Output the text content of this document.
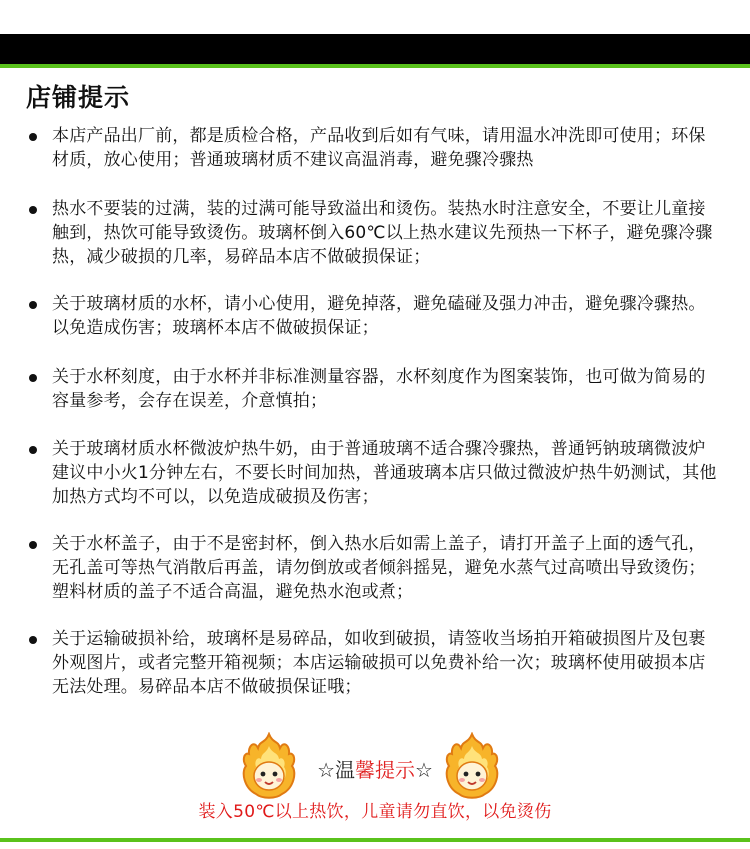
店铺提示
本店产品出厂前，都是质检合格，产品收到后如有气味，请用温水冲洗即可使用；环保材质，放心使用；普通玻璃材质不建议高温消毒，避免骤冷骤热
热水不要装的过满，装的过满可能导致溢出和烫伤。装热水时注意安全，不要让儿童接触到，热饮可能导致烫伤。玻璃杯倒入60℃以上热水建议先预热一下杯子，避免骤冷骤热，减少破损的几率，易碎品本店不做破损保证；
关于玻璃材质的水杯，请小心使用，避免掉落，避免磕碰及强力冲击，避免骤冷骤热。以免造成伤害；玻璃杯本店不做破损保证；
关于水杯刻度，由于水杯并非标准测量容器，水杯刻度作为图案装饰，也可做为简易的容量参考，会存在误差，介意慎拍；
关于玻璃材质水杯微波炉热牛奶，由于普通玻璃不适合骤冷骤热，普通钙钠玻璃微波炉建议中小火1分钟左右，不要长时间加热，普通玻璃本店只做过微波炉热牛奶测试，其他加热方式均不可以，以免造成破损及伤害；
关于水杯盖子，由于不是密封杯，倒入热水后如需上盖子，请打开盖子上面的透气孔，无孔盖可等热气消散后再盖，请勿倒放或者倾斜摇晃，避免水蒸气过高喷出导致烫伤；塑料材质的盖子不适合高温，避免热水泡或煮；
关于运输破损补给，玻璃杯是易碎品，如收到破损，请签收当场拍开箱破损图片及包裹外观图片，或者完整开箱视频；本店运输破损可以免费补给一次；玻璃杯使用破损本店无法处理。易碎品本店不做破损保证哦；
☆温馨提示☆
装入50℃以上热饮，儿童请勿直饮，以免烫伤
